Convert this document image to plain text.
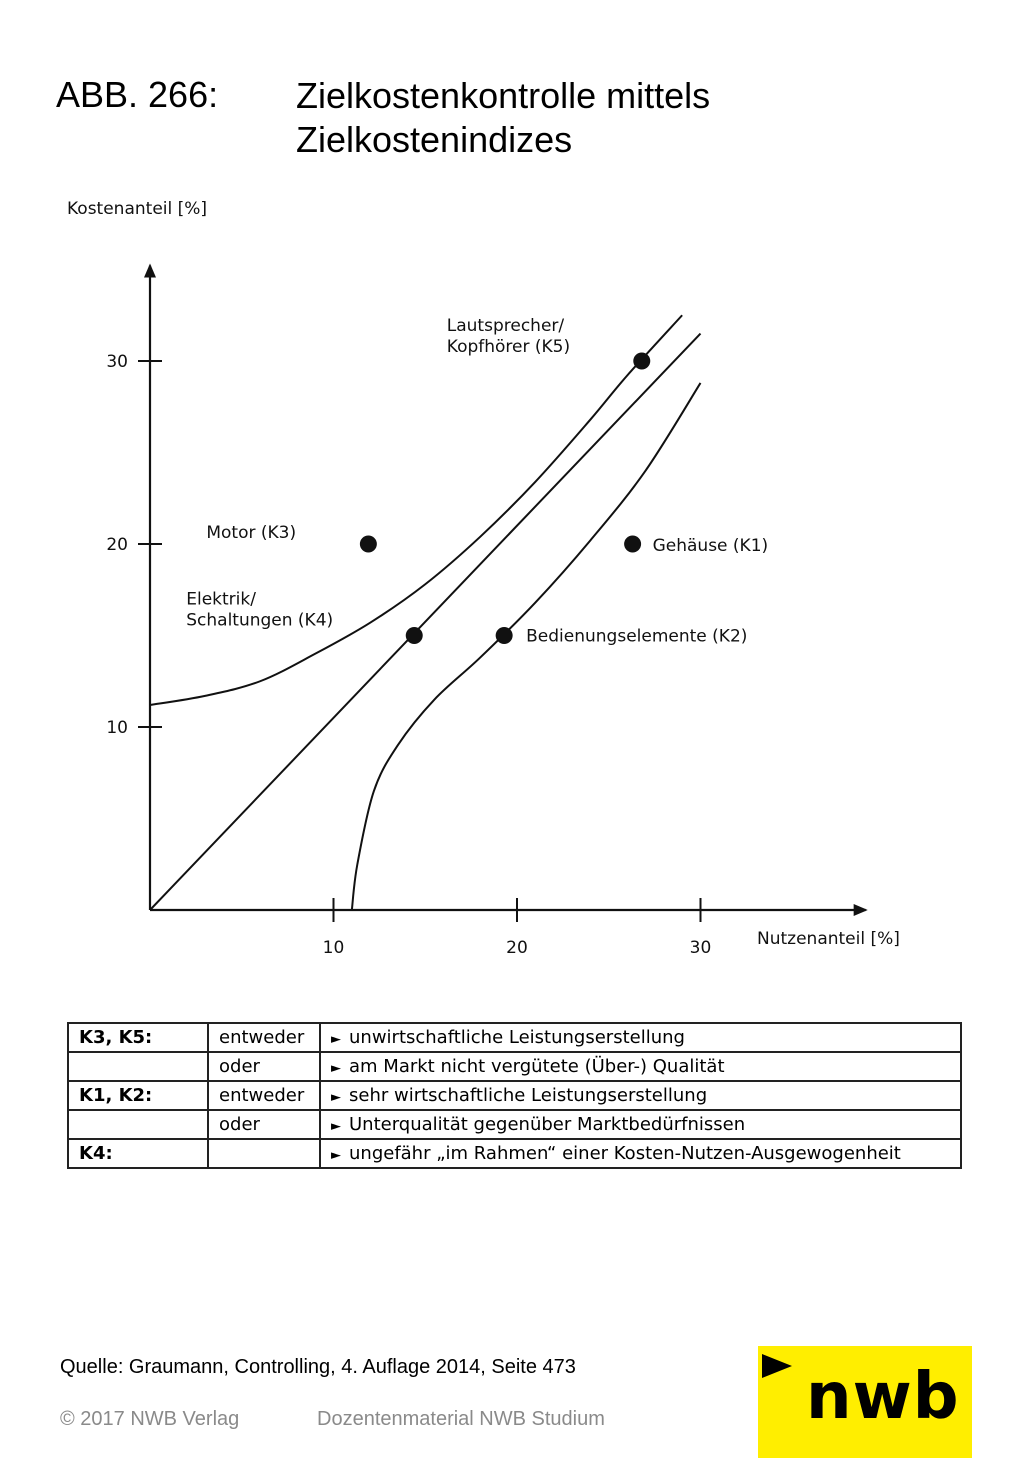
ABB. 266: Zielkostenkontrolle mittels Zielkostenindizes
10	20	30
10
20
30
Kostenanteil [%]
Nutzenanteil [%]
Lautsprecher/ Kopfhörer (K5)
Motor (K3)
Gehäuse (K1)
Elektrik/ Schaltungen (K4)
Bedienungselemente (K2)
K3, K5:	entweder	► unwirtschaftliche Leistungserstellung
	oder	► am Markt nicht vergütete (Über-) Qualität
K1, K2:	entweder	► sehr wirtschaftliche Leistungserstellung
	oder	► Unterqualität gegenüber Marktbedürfnissen
K4:		► ungefähr „im Rahmen“ einer Kosten-Nutzen-Ausgewogenheit
Quelle: Graumann, Controlling, 4. Auflage 2014, Seite 473
© 2017 NWB Verlag	Dozentenmaterial NWB Studium	nwb
